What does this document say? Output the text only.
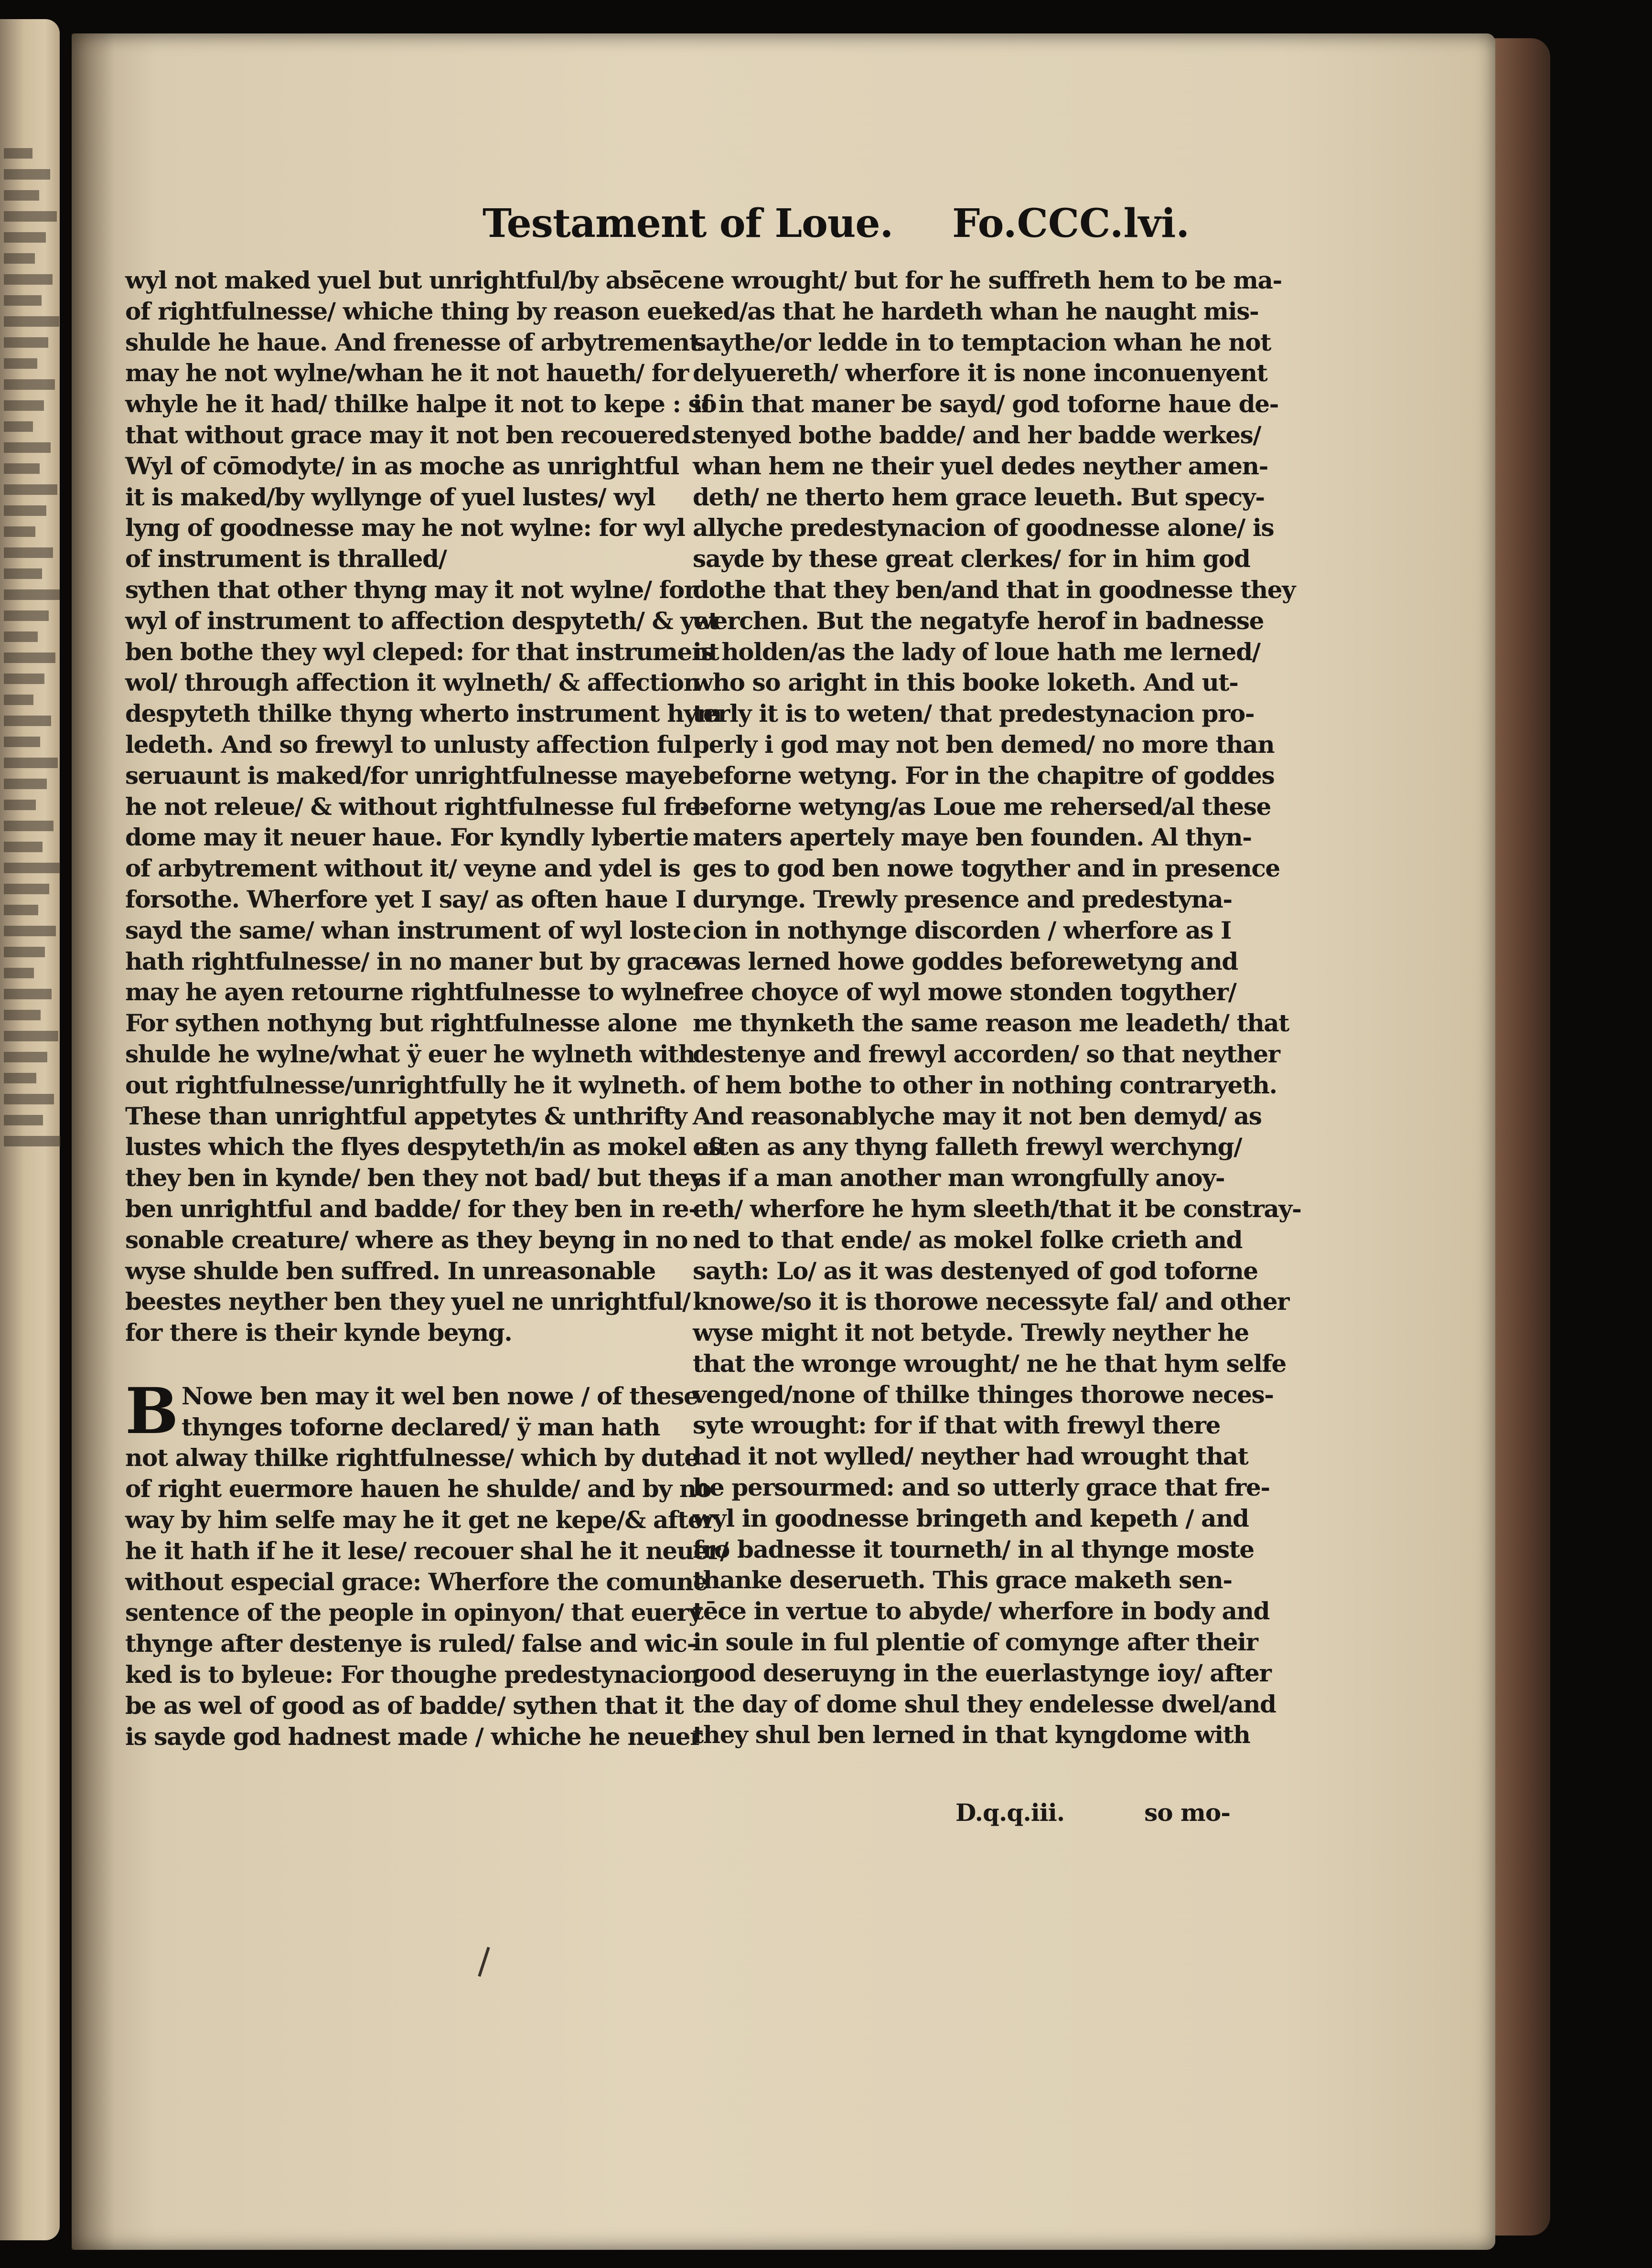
Testament of Loue. Fo.CCC.lvi.
wyl not maked yuel but unrightful/by absēce
of rightfulnesse/ whiche thing by reason euer
shulde he haue. And frenesse of arbytrement
may he not wylne/whan he it not haueth/ for
whyle he it had/ thilke halpe it not to kepe : so
that without grace may it not ben recouered.
Wyl of cōmodyte/ in as moche as unrightful
it is maked/by wyllynge of yuel lustes/ wyl
lyng of goodnesse may he not wylne: for wyl
of instrument is thralled/
sythen that other thyng may it not wylne/ for
wyl of instrument to affection despyteth/ & yet
ben bothe they wyl cleped: for that instrument
wol/ through affection it wylneth/ & affection
despyteth thilke thyng wherto instrument hym
ledeth. And so frewyl to unlusty affection ful
seruaunt is maked/for unrightfulnesse maye
he not releue/ & without rightfulnesse ful fre-
dome may it neuer haue. For kyndly lybertie
of arbytrement without it/ veyne and ydel is
forsothe. Wherfore yet I say/ as often haue I
sayd the same/ whan instrument of wyl loste
hath rightfulnesse/ in no maner but by grace
may he ayen retourne rightfulnesse to wylne.
For sythen nothyng but rightfulnesse alone
shulde he wylne/what ÿ euer he wylneth with
out rightfulnesse/unrightfully he it wylneth.
These than unrightful appetytes & unthrifty
lustes which the flyes despyteth/in as mokel as
they ben in kynde/ ben they not bad/ but they
ben unrightful and badde/ for they ben in re-
sonable creature/ where as they beyng in no
wyse shulde ben suffred. In unreasonable
beestes neyther ben they yuel ne unrightful/
for there is their kynde beyng.
B Nowe ben may it wel ben nowe / of these
thynges toforne declared/ ÿ man hath
not alway thilke rightfulnesse/ which by dute
of right euermore hauen he shulde/ and by no
way by him selfe may he it get ne kepe/& after
he it hath if he it lese/ recouer shal he it neuer/
without especial grace: Wherfore the comune
sentence of the people in opinyon/ that euery
thynge after destenye is ruled/ false and wic-
ked is to byleue: For thoughe predestynacion
be as wel of good as of badde/ sythen that it
is sayde god hadnest made / whiche he neuer
ne wrought/ but for he suffreth hem to be ma-
ked/as that he hardeth whan he naught mis-
saythe/or ledde in to temptacion whan he not
delyuereth/ wherfore it is none inconuenyent
if in that maner be sayd/ god toforne haue de-
stenyed bothe badde/ and her badde werkes/
whan hem ne their yuel dedes neyther amen-
deth/ ne therto hem grace leueth. But specy-
allyche predestynacion of goodnesse alone/ is
sayde by these great clerkes/ for in him god
dothe that they ben/and that in goodnesse they
werchen. But the negatyfe herof in badnesse
is holden/as the lady of loue hath me lerned/
who so aright in this booke loketh. And ut-
terly it is to weten/ that predestynacion pro-
perly i god may not ben demed/ no more than
beforne wetyng. For in the chapitre of goddes
beforne wetyng/as Loue me rehersed/al these
maters apertely maye ben founden. Al thyn-
ges to god ben nowe togyther and in presence
durynge. Trewly presence and predestyna-
cion in nothynge discorden / wherfore as I
was lerned howe goddes beforewetyng and
free choyce of wyl mowe stonden togyther/
me thynketh the same reason me leadeth/ that
destenye and frewyl accorden/ so that neyther
of hem bothe to other in nothing contraryeth.
And reasonablyche may it not ben demyd/ as
often as any thyng falleth frewyl werchyng/
as if a man another man wrongfully anoy-
eth/ wherfore he hym sleeth/that it be constray-
ned to that ende/ as mokel folke crieth and
sayth: Lo/ as it was destenyed of god toforne
knowe/so it is thorowe necessyte fal/ and other
wyse might it not betyde. Trewly neyther he
that the wronge wrought/ ne he that hym selfe
venged/none of thilke thinges thorowe neces-
syte wrought: for if that with frewyl there
had it not wylled/ neyther had wrought that
he persourmed: and so utterly grace that fre-
wyl in goodnesse bringeth and kepeth / and
fro badnesse it tourneth/ in al thynge moste
thanke deserueth. This grace maketh sen-
tēce in vertue to abyde/ wherfore in body and
in soule in ful plentie of comynge after their
good deseruyng in the euerlastynge ioy/ after
the day of dome shul they endelesse dwel/and
they shul ben lerned in that kyngdome with
D.q.q.iii.	so mo-
